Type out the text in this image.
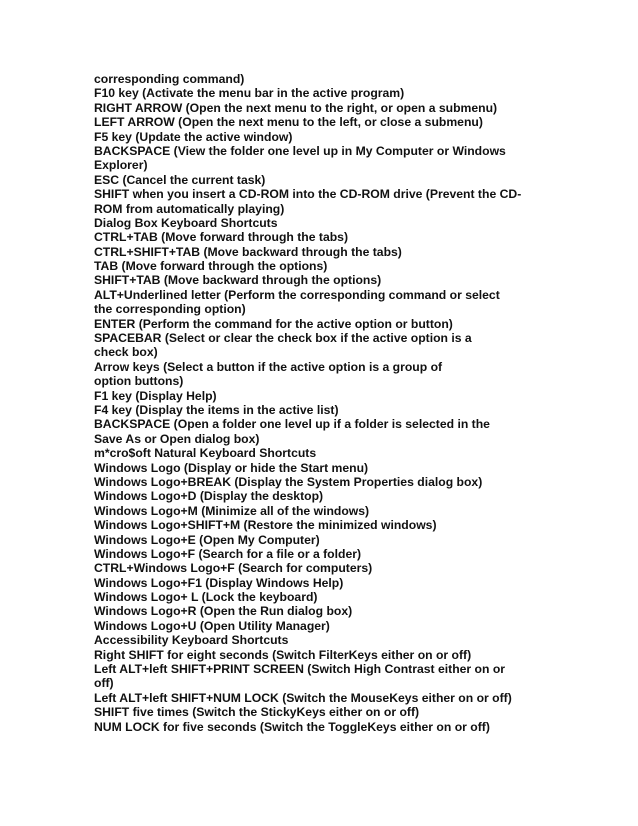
corresponding command)
F10 key (Activate the menu bar in the active program)
RIGHT ARROW (Open the next menu to the right, or open a submenu)
LEFT ARROW (Open the next menu to the left, or close a submenu)
F5 key (Update the active window)
BACKSPACE (View the folder one level up in My Computer or Windows
Explorer)
ESC (Cancel the current task)
SHIFT when you insert a CD-ROM into the CD-ROM drive (Prevent the CD-
ROM from automatically playing)
Dialog Box Keyboard Shortcuts
CTRL+TAB (Move forward through the tabs)
CTRL+SHIFT+TAB (Move backward through the tabs)
TAB (Move forward through the options)
SHIFT+TAB (Move backward through the options)
ALT+Underlined letter (Perform the corresponding command or select
the corresponding option)
ENTER (Perform the command for the active option or button)
SPACEBAR (Select or clear the check box if the active option is a
check box)
Arrow keys (Select a button if the active option is a group of
option buttons)
F1 key (Display Help)
F4 key (Display the items in the active list)
BACKSPACE (Open a folder one level up if a folder is selected in the
Save As or Open dialog box)
m*cro$oft Natural Keyboard Shortcuts
Windows Logo (Display or hide the Start menu)
Windows Logo+BREAK (Display the System Properties dialog box)
Windows Logo+D (Display the desktop)
Windows Logo+M (Minimize all of the windows)
Windows Logo+SHIFT+M (Restore the minimized windows)
Windows Logo+E (Open My Computer)
Windows Logo+F (Search for a file or a folder)
CTRL+Windows Logo+F (Search for computers)
Windows Logo+F1 (Display Windows Help)
Windows Logo+ L (Lock the keyboard)
Windows Logo+R (Open the Run dialog box)
Windows Logo+U (Open Utility Manager)
Accessibility Keyboard Shortcuts
Right SHIFT for eight seconds (Switch FilterKeys either on or off)
Left ALT+left SHIFT+PRINT SCREEN (Switch High Contrast either on or
off)
Left ALT+left SHIFT+NUM LOCK (Switch the MouseKeys either on or off)
SHIFT five times (Switch the StickyKeys either on or off)
NUM LOCK for five seconds (Switch the ToggleKeys either on or off)
